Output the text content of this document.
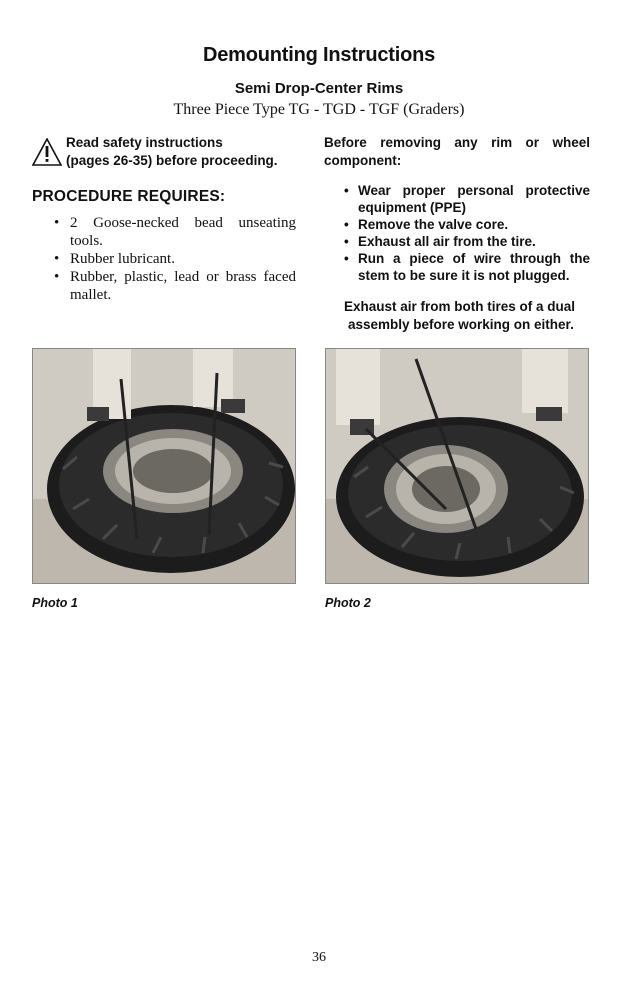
Demounting Instructions
Semi Drop-Center Rims
Three Piece Type TG - TGD - TGF (Graders)
Read safety instructions
(pages 26-35) before proceeding.
PROCEDURE REQUIRES:
• 2 Goose-necked bead unseating tools.
• Rubber lubricant.
• Rubber, plastic, lead or brass faced mallet.
Before removing any rim or wheel component:
• Wear proper personal protective equipment (PPE)
• Remove the valve core.
• Exhaust all air from the tire.
• Run a piece of wire through the stem to be sure it is not plugged.
Exhaust air from both tires of a dual
assembly before working on either.
Photo 1	Photo 2
36
